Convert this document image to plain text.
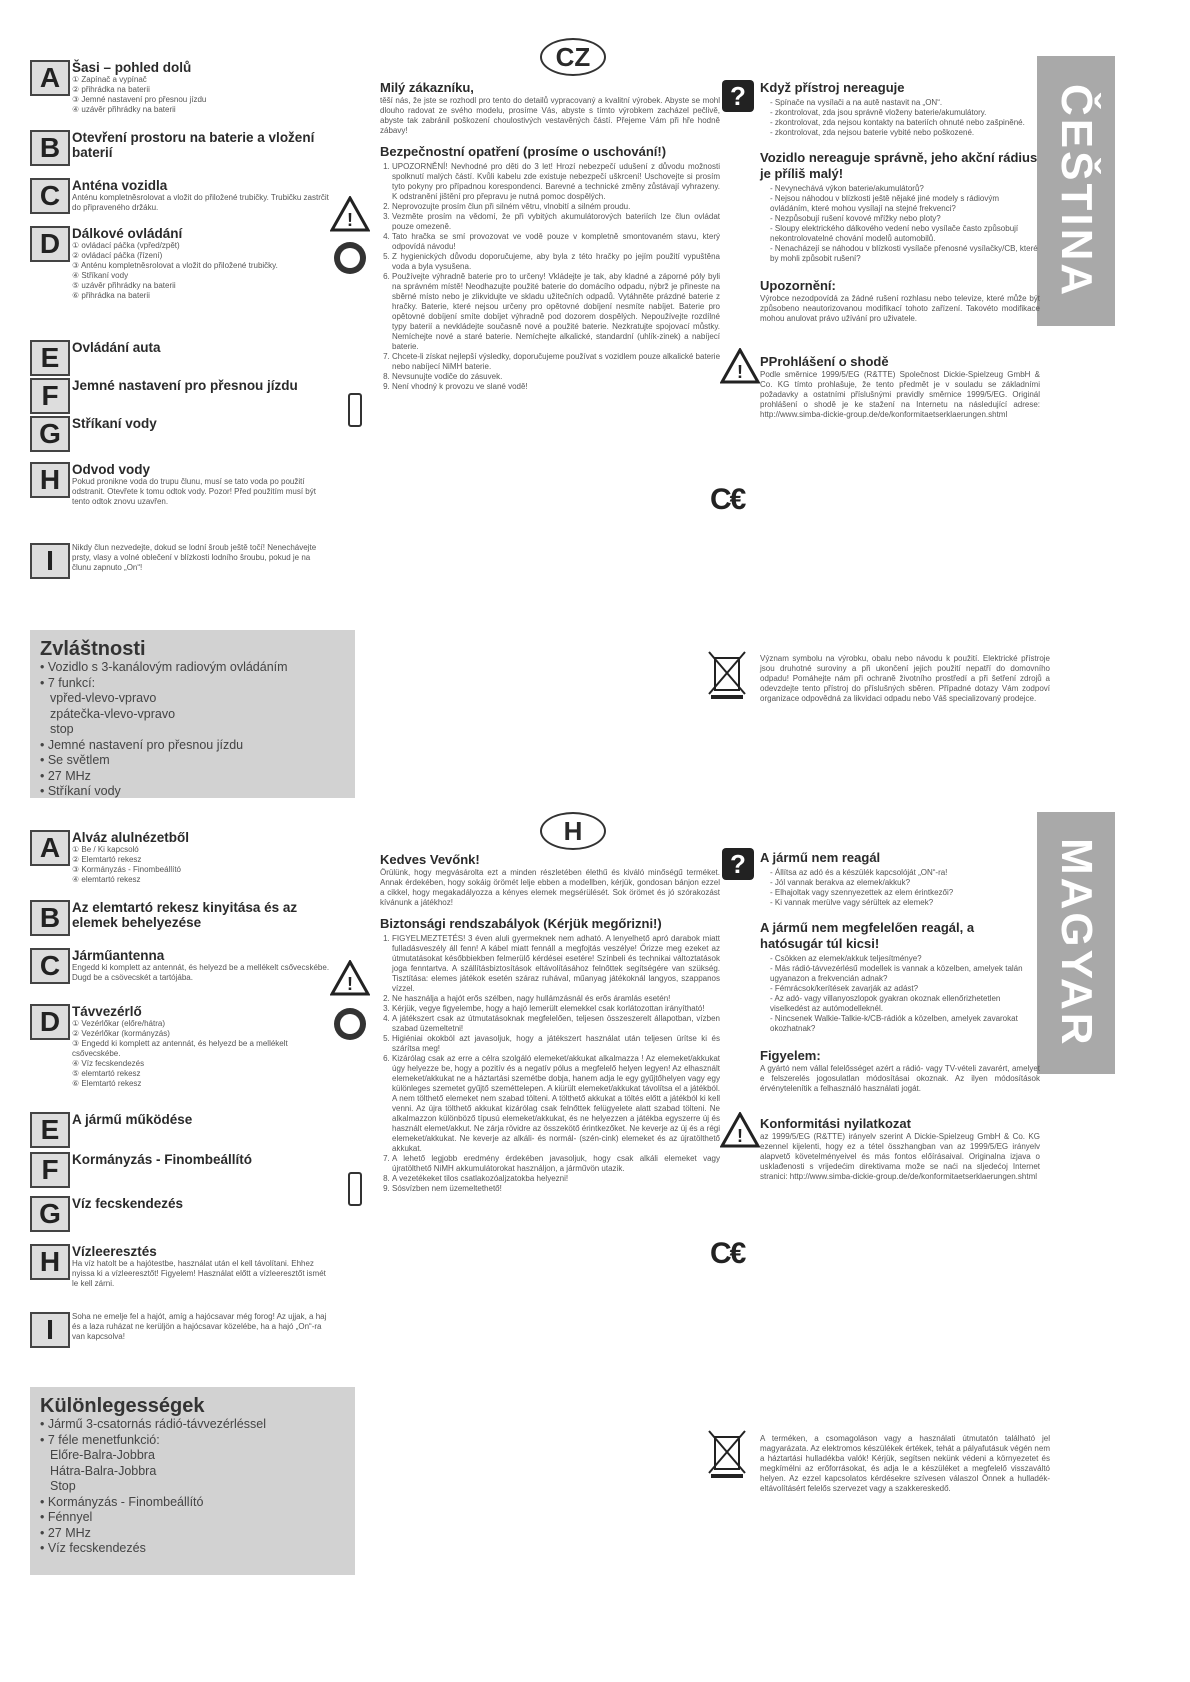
ČEŠTINA
CZ
A Šasi – pohled dolů
① Zapínač a vypínač
② přihrádka na baterii
③ Jemné nastavení pro přesnou jízdu
④ uzávěr přihrádky na baterii
B Otevření prostoru na baterie a vložení baterií
C Anténa vozidla
Anténu kompletněsrolovat a vložit do přiložené trubičky. Trubičku zastrčit do připraveného držáku.
D Dálkové ovládání
① ovládací páčka (vpřed/zpět)
② ovládací páčka (řízení)
③ Anténu kompletněsrolovat a vložit do přiložené trubičky.
④ Stříkaní vody
⑤ uzávěr přihrádky na baterii
⑥ přihrádka na baterii
E Ovládání auta
F Jemné nastavení pro přesnou jízdu
G Stříkaní vody
H Odvod vody
Pokud pronikne voda do trupu člunu, musí se tato voda po použití odstranit. Otevřete k tomu odtok vody. Pozor! Před použitím musí být tento odtok znovu uzavřen.
I	Nikdy člun nezvedejte, dokud se lodní šroub ještě točí! Nenechávejte prsty, vlasy a volné oblečení v blízkosti lodního šroubu, pokud je na člunu zapnuto „On“!
Zvláštnosti
• Vozidlo s 3-kanálovým radiovým ovládáním
• 7 funkcí:
vpřed-vlevo-vpravo
zpátečka-vlevo-vpravo
stop
• Jemné nastavení pro přesnou jízdu
• Se světlem
• 27 MHz
• Stříkaní vody
!
Milý zákazníku,
těší nás, že jste se rozhodl pro tento do detailů vypracovaný a kvalitní výrobek. Abyste se mohl dlouho radovat ze svého modelu, prosíme Vás, abyste s tímto výrobkem zacházel pečlivě, abyste tak zabránil poškození choulostivých vestavěných částí. Přejeme Vám při hře hodně zábavy!
Bezpečnostní opatření (prosíme o uschování!)
1. UPOZORNĚNÍ! Nevhodné pro děti do 3 let! Hrozí nebezpečí udušení z důvodu možnosti spolknutí malých částí. Kvůli kabelu zde existuje nebezpečí uškrcení! Uschovejte si prosím tyto pokyny pro případnou korespondenci. Barevné a technické změny zůstávají vyhrazeny. K odstranění jištění pro přepravu je nutná pomoc dospělých.
2. Neprovozujte prosím člun při silném větru, vlnobití a silném proudu.
3. Vezměte prosím na vědomí, že při vybitých akumulátorových bateriích lze člun ovládat pouze omezeně.
4. Tato hračka se smí provozovat ve vodě pouze v kompletně smontovaném stavu, který odpovídá návodu!
5. Z hygienických důvodu doporučujeme, aby byla z této hračky po jejím použití vypuštěna voda a byla vysušena.
6. Používejte výhradně baterie pro to určeny! Vkládejte je tak, aby kladné a záporné póly byli na správném místě! Neodhazujte použité baterie do domácího odpadu, nýbrž je přineste na sběrné místo nebo je zlikvidujte ve skladu užitečních odpadů. Vytáhněte prázdné baterie z hračky. Baterie, které nejsou určeny pro opětovné dobíjení nesmíte nabíjet. Baterie pro opětovné dobíjení smíte dobíjet výhradně pod dozorem dospělých. Nepoužívejte rozdílné typy baterií a nevkládejte současně nové a použité baterie. Nezkratujte spojovací můstky. Nemíchejte nové a staré baterie. Nemíchejte alkalické, standardní (uhlík-zinek) a nabíjecí baterie.
7. Chcete-li získat nejlepší výsledky, doporučujeme používat s vozidlem pouze alkalické baterie nebo nabíjecí NiMH baterie.
8. Nevsunujte vodiče do zásuvek.
9. Není vhodný k provozu ve slané vodě!
?	Když přístroj nereaguje
- Spínače na vysílači a na autě nastavit na „ON“.
- zkontrolovat, zda jsou správně vloženy baterie/akumulátory.
- zkontrolovat, zda nejsou kontakty na bateriích ohnuté nebo zašpiněné.
- zkontrolovat, zda nejsou baterie vybité nebo poškozené.
Vozidlo nereaguje správně, jeho akční rádius je příliš malý!
- Nevynechává výkon baterie/akumulátorů?
- Nejsou náhodou v blízkosti ještě nějaké jiné modely s rádiovým ovládáním, které mohou vysílají na stejné frekvenci?
- Nezpůsobují rušení kovové mřížky nebo ploty?
- Sloupy elektrického dálkového vedení nebo vysílače často způsobují nekontrolovatelné chování modelů automobilů.
- Nenacházejí se náhodou v blízkosti vysílače přenosné vysílačky/CB, které by mohli způsobit rušení?
Upozornění:
Výrobce nezodpovídá za žádné rušení rozhlasu nebo televize, které může být způsobeno neautorizovanou modifikací tohoto zařízení. Takovéto modifikace mohou anulovat právo užívání pro uživatele.
PProhlášení o shodě
Podle směrnice 1999/5/EG (R&TTE) Společnost Dickie-Spielzeug GmbH & Co. KG tímto prohlašuje, že tento předmět je v souladu se základními požadavky a ostatními příslušnými pravidly směrnice 1999/5/EG. Originál prohlášení o shodě je ke stažení na Internetu na následující adrese: http://www.simba-dickie-group.de/de/konformitaetserklaerungen.shtml
!
C€
Význam symbolu na výrobku, obalu nebo návodu k použití. Elektrické přístroje jsou druhotné suroviny a při ukončení jejich použití nepatří do domovního odpadu! Pomáhejte nám při ochraně životního prostředí a při šetření zdrojů a odevzdejte tento přístroj do příslušných sběren. Případné dotazy Vám zodpoví organizace odpovědná za likvidaci odpadu nebo Váš specializovaný prodejce.
MAGYAR
H
A Alváz alulnézetből
① Be / Ki kapcsoló
② Elemtartó rekesz
③ Kormányzás - Finombeállító
④ elemtartó rekesz
B Az elemtartó rekesz kinyitása és az elemek behelyezése
C Járműantenna
Engedd ki komplett az antennát, és helyezd be a mellékelt csővecskébe. Dugd be a csövecskét a tartójába.
D Távvezérlő
① Vezérlőkar (előre/hátra)
② Vezérlőkar (kormányzás)
③ Engedd ki komplett az antennát, és helyezd be a mellékelt csővecskébe.
④ Víz fecskendezés
⑤ elemtartó rekesz
⑥ Elemtartó rekesz
E A jármű működése
F Kormányzás - Finombeállító
G Víz fecskendezés
H Vízleeresztés
Ha víz hatolt be a hajótestbe, használat után el kell távolítani. Ehhez nyissa ki a vízleeresztőt! Figyelem! Használat előtt a vízleeresztőt ismét le kell zárni.
I	Soha ne emelje fel a hajót, amíg a hajócsavar még forog! Az ujjak, a haj és a laza ruházat ne kerüljön a hajócsavar közelébe, ha a hajó „On“-ra van kapcsolva!
Különlegességek
• Jármű 3-csatornás rádió-távvezérléssel
• 7 féle menetfunkció:
Előre-Balra-Jobbra
Hátra-Balra-Jobbra
Stop
• Kormányzás - Finombeállító
• Fénnyel
• 27 MHz
• Víz fecskendezés
!
Kedves Vevőnk!
Örülünk, hogy megvásárolta ezt a minden részletében élethű és kiváló minőségű terméket. Annak érdekében, hogy sokáig örömét lelje ebben a modellben, kérjük, gondosan bánjon ezzel a cikkel, hogy megakadályozza a kényes elemek megsérülését. Sok örömet és jó szórakozást kívánunk a játékhoz!
Biztonsági rendszabályok (Kérjük megőrizni!)
1. FIGYELMEZTETÉS! 3 éven aluli gyermeknek nem adható. A lenyelhető apró darabok miatt fulladásveszély áll fenn! A kábel miatt fennáll a megfojtás veszélye! Őrizze meg ezeket az útmutatásokat későbbiekben felmerülő kérdései esetére! Színbeli és technikai változtatások joga fenntartva. A szállításbiztosítások eltávolításához felnőttek segítségére van szükség. Tisztítása: elemes játékok esetén száraz ruhával, műanyag játékoknál langyos, szappanos vízzel.
2. Ne használja a hajót erős szélben, nagy hullámzásnál és erős áramlás esetén!
3. Kérjük, vegye figyelembe, hogy a hajó lemerült elemekkel csak korlátozottan irányítható!
4. A játékszert csak az útmutatásoknak megfelelően, teljesen összeszerelt állapotban, vízben szabad üzemeltetni!
5. Higiéniai okokból azt javasoljuk, hogy a játékszert használat után teljesen ürítse ki és szárítsa meg!
6. Kizárólag csak az erre a célra szolgáló elemeket/akkukat alkalmazza ! Az elemeket/akkukat úgy helyezze be, hogy a pozitív és a negatív pólus a megfelelő helyen legyen! Az elhasznált elemeket/akkukat ne a háztartási szemétbe dobja, hanem adja le egy gyűjtőhelyen vagy egy különleges szemetet gyűjtő szeméttelepen. A kiürült elemeket/akkukat távolítsa el a játékból. A nem tölthető elemeket nem szabad tölteni. A tölthető akkukat a töltés előtt a játékból ki kell venni. Az újra tölthető akkukat kizárólag csak felnőttek felügyelete alatt szabad tölteni. Ne alkalmazzon különböző típusú elemeket/akkukat, és ne helyezzen a játékba egyszerre új és használt elemet/akkut. Ne zárja rövidre az összekötő érintkezőket. Ne keverje az új és a régi elemeket/akkukat. Ne keverje az alkáli- és normál- (szén-cink) elemeket és az újratölthető akkukat.
7. A lehető legjobb eredmény érdekében javasoljuk, hogy csak alkáli elemeket vagy újratölthető NiMH akkumulátorokat használjon, a járművön utazik.
8. A vezetékeket tilos csatlakozóaljzatokba helyezni!
9. Sósvízben nem üzemeltethető!
?	A jármű nem reagál
- Állítsa az adó és a készülék kapcsolóját „ON“-ra!
- Jól vannak berakva az elemek/akkuk?
- Elhajoltak vagy szennyezettek az elem érintkezői?
- Ki vannak merülve vagy sérültek az elemek?
A jármű nem megfelelően reagál, a hatósugár túl kicsi!
- Csökken az elemek/akkuk teljesítménye?
- Más rádió-távvezérlésű modellek is vannak a közelben, amelyek talán ugyanazon a frekvencián adnak?
- Fémrácsok/kerítések zavarják az adást?
- Az adó- vagy villanyoszlopok gyakran okoznak ellenőrizhetetlen viselkedést az autómodelleknél.
- Nincsenek Walkie-Talkie-k/CB-rádiók a közelben, amelyek zavarokat okozhatnak?
Figyelem:
A gyártó nem vállal felelősséget azért a rádió- vagy TV-vételi zavarért, amelyet e felszerelés jogosulatlan módosításai okoznak. Az ilyen módosítások érvénytelenítik a felhasználó használati jogát.
Konformitási nyilatkozat
az 1999/5/EG (R&TTE) irányelv szerint A Dickie-Spielzeug GmbH & Co. KG ezennel kijelenti, hogy ez a tétel összhangban van az 1999/5/EG irányelv alapvető követelményeivel és más fontos előírásaival. Originalna izjava o usklađenosti s vrijedećim direktivama može se naći na sljedećoj Internet stranici: http://www.simba-dickie-group.de/de/konformitaetserklaerungen.shtml
!
C€
A terméken, a csomagoláson vagy a használati útmutatón található jel magyarázata. Az elektromos készülékek értékek, tehát a pályafutásuk végén nem a háztartási hulladékba valók! Kérjük, segítsen nekünk védeni a környezetet és megkímélni az erőforrásokat, és adja le a készüléket a megfelelő visszaváltó helyen. Az ezzel kapcsolatos kérdésekre szívesen válaszol Önnek a hulladék-eltávolításért felelős szervezet vagy a szakkereskedő.
